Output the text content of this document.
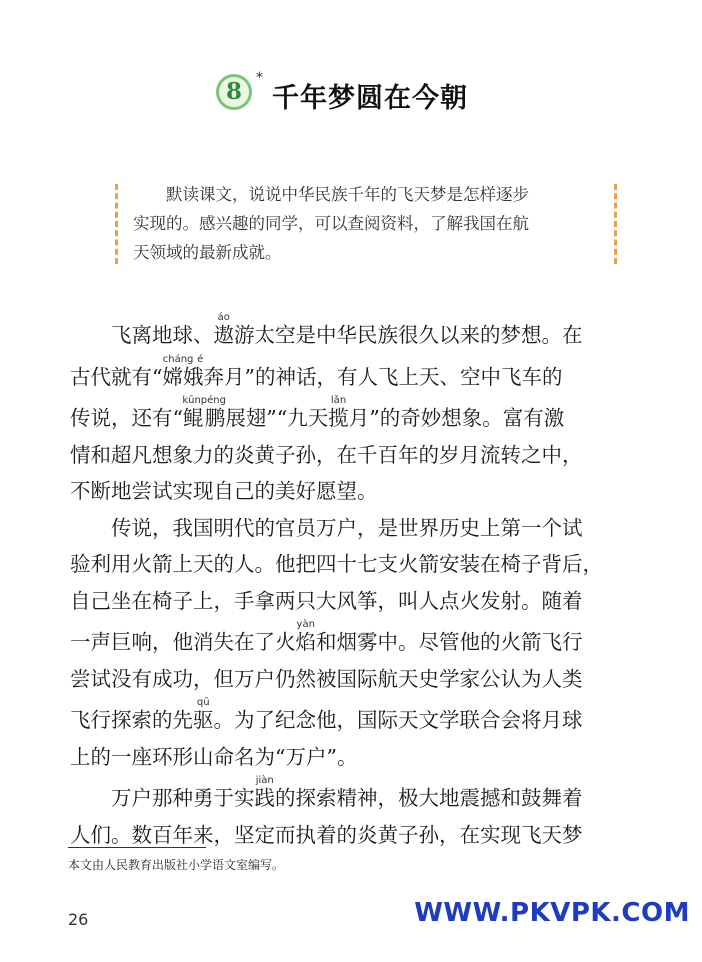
8	*
千年梦圆在今朝
默读课文，说说中华民族千年的飞天梦是怎样逐步
实现的。感兴趣的同学，可以查阅资料，了解我国在航
天领域的最新成就。

飞离地球、遨áo游太空是中华民族很久以来的梦想。在
古代就有“嫦娥cháng é奔月”的神话，有人飞上天、空中飞车的
传说，还有“鲲鹏kūnpéng展翅”“九天揽lǎn月”的奇妙想象。富有激
情和超凡想象力的炎黄子孙，在千百年的岁月流转之中，
不断地尝试实现自己的美好愿望。

传说，我国明代的官员万户，是世界历史上第一个试
验利用火箭上天的人。他把四十七支火箭安装在椅子背后，
自己坐在椅子上，手拿两只大风筝，叫人点火发射。随着
一声巨响，他消失在了火焰yàn和烟雾中。尽管他的火箭飞行
尝试没有成功，但万户仍然被国际航天史学家公认为人类
飞行探索的先驱qū。为了纪念他，国际天文学联合会将月球
上的一座环形山命名为“万户”。

万户那种勇于实践jiàn的探索精神，极大地震撼和鼓舞着
人们。数百年来，坚定而执着的炎黄子孙，在实现飞天梦

本文由人民教育出版社小学语文室编写。
26	WWW.PKVPK.COM
